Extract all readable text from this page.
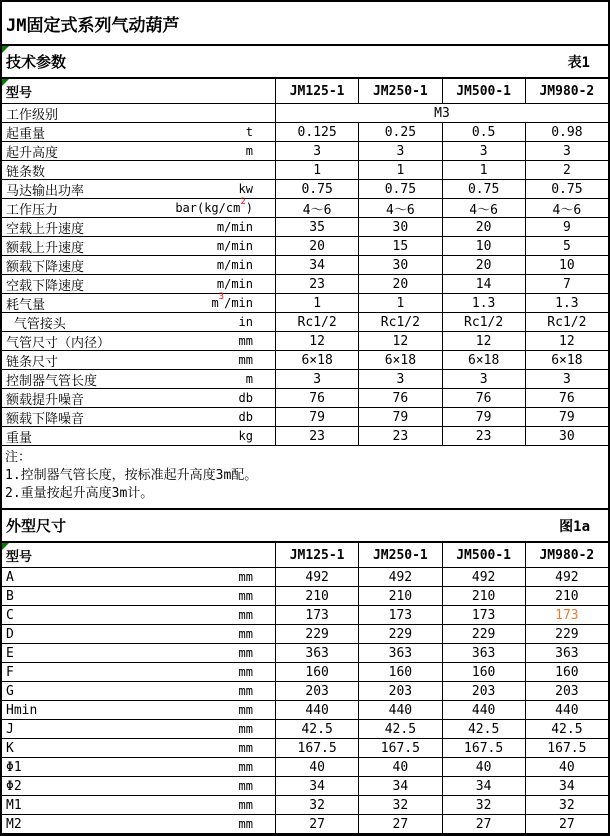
JM固定式系列气动葫芦
技术参数	表1
型号	JM125-1 JM250-1 JM500-1 JM980-2
工作级别	M3
起重量	t	0.125	0.25	0.5	0.98
起升高度	m	3	3	3	3
链条数	1	1	1	2
马达输出功率	kw	0.75	0.75	0.75	0.75
工作压力	$bar(kg/cm^2)$	4～6	4～6	4～6	4～6
空载上升速度	m/min	35	30	20	9
额载上升速度	m/min	20	15	10	5
额载下降速度	m/min	34	30	20	10
空载下降速度	m/min	23	20	14	7
耗气量	$m^3/\min$	1	1	1.3	1.3
气管接头	in	Rc1/2	Rc1/2	Rc1/2	Rc1/2
气管尺寸（内径）	mm	12	12	12	12
链条尺寸	mm	6×18	6×18	6×18	6×18
控制器气管长度	m	3	3	3	3
额载提升噪音	db	76	76	76	76
额载下降噪音	db	79	79	79	79
重量	kg	23	23	23	30
注：
1.控制器气管长度，按标准起升高度3m配。
2.重量按起升高度3m计。
外型尺寸	图1a
型号	JM125-1 JM250-1 JM500-1 JM980-2
A	mm	492	492	492	492
B	mm	210	210	210	210
C	mm	173	173	173	173
D	mm	229	229	229	229
E	mm	363	363	363	363
F	mm	160	160	160	160
G	mm	203	203	203	203
Hmin	mm	440	440	440	440
J	mm	42.5	42.5	42.5	42.5
K	mm	167.5	167.5	167.5	167.5
Φ1	mm	40	40	40	40
Φ2	mm	34	34	34	34
M1	mm	32	32	32	32
M2	mm	27	27	27	27
